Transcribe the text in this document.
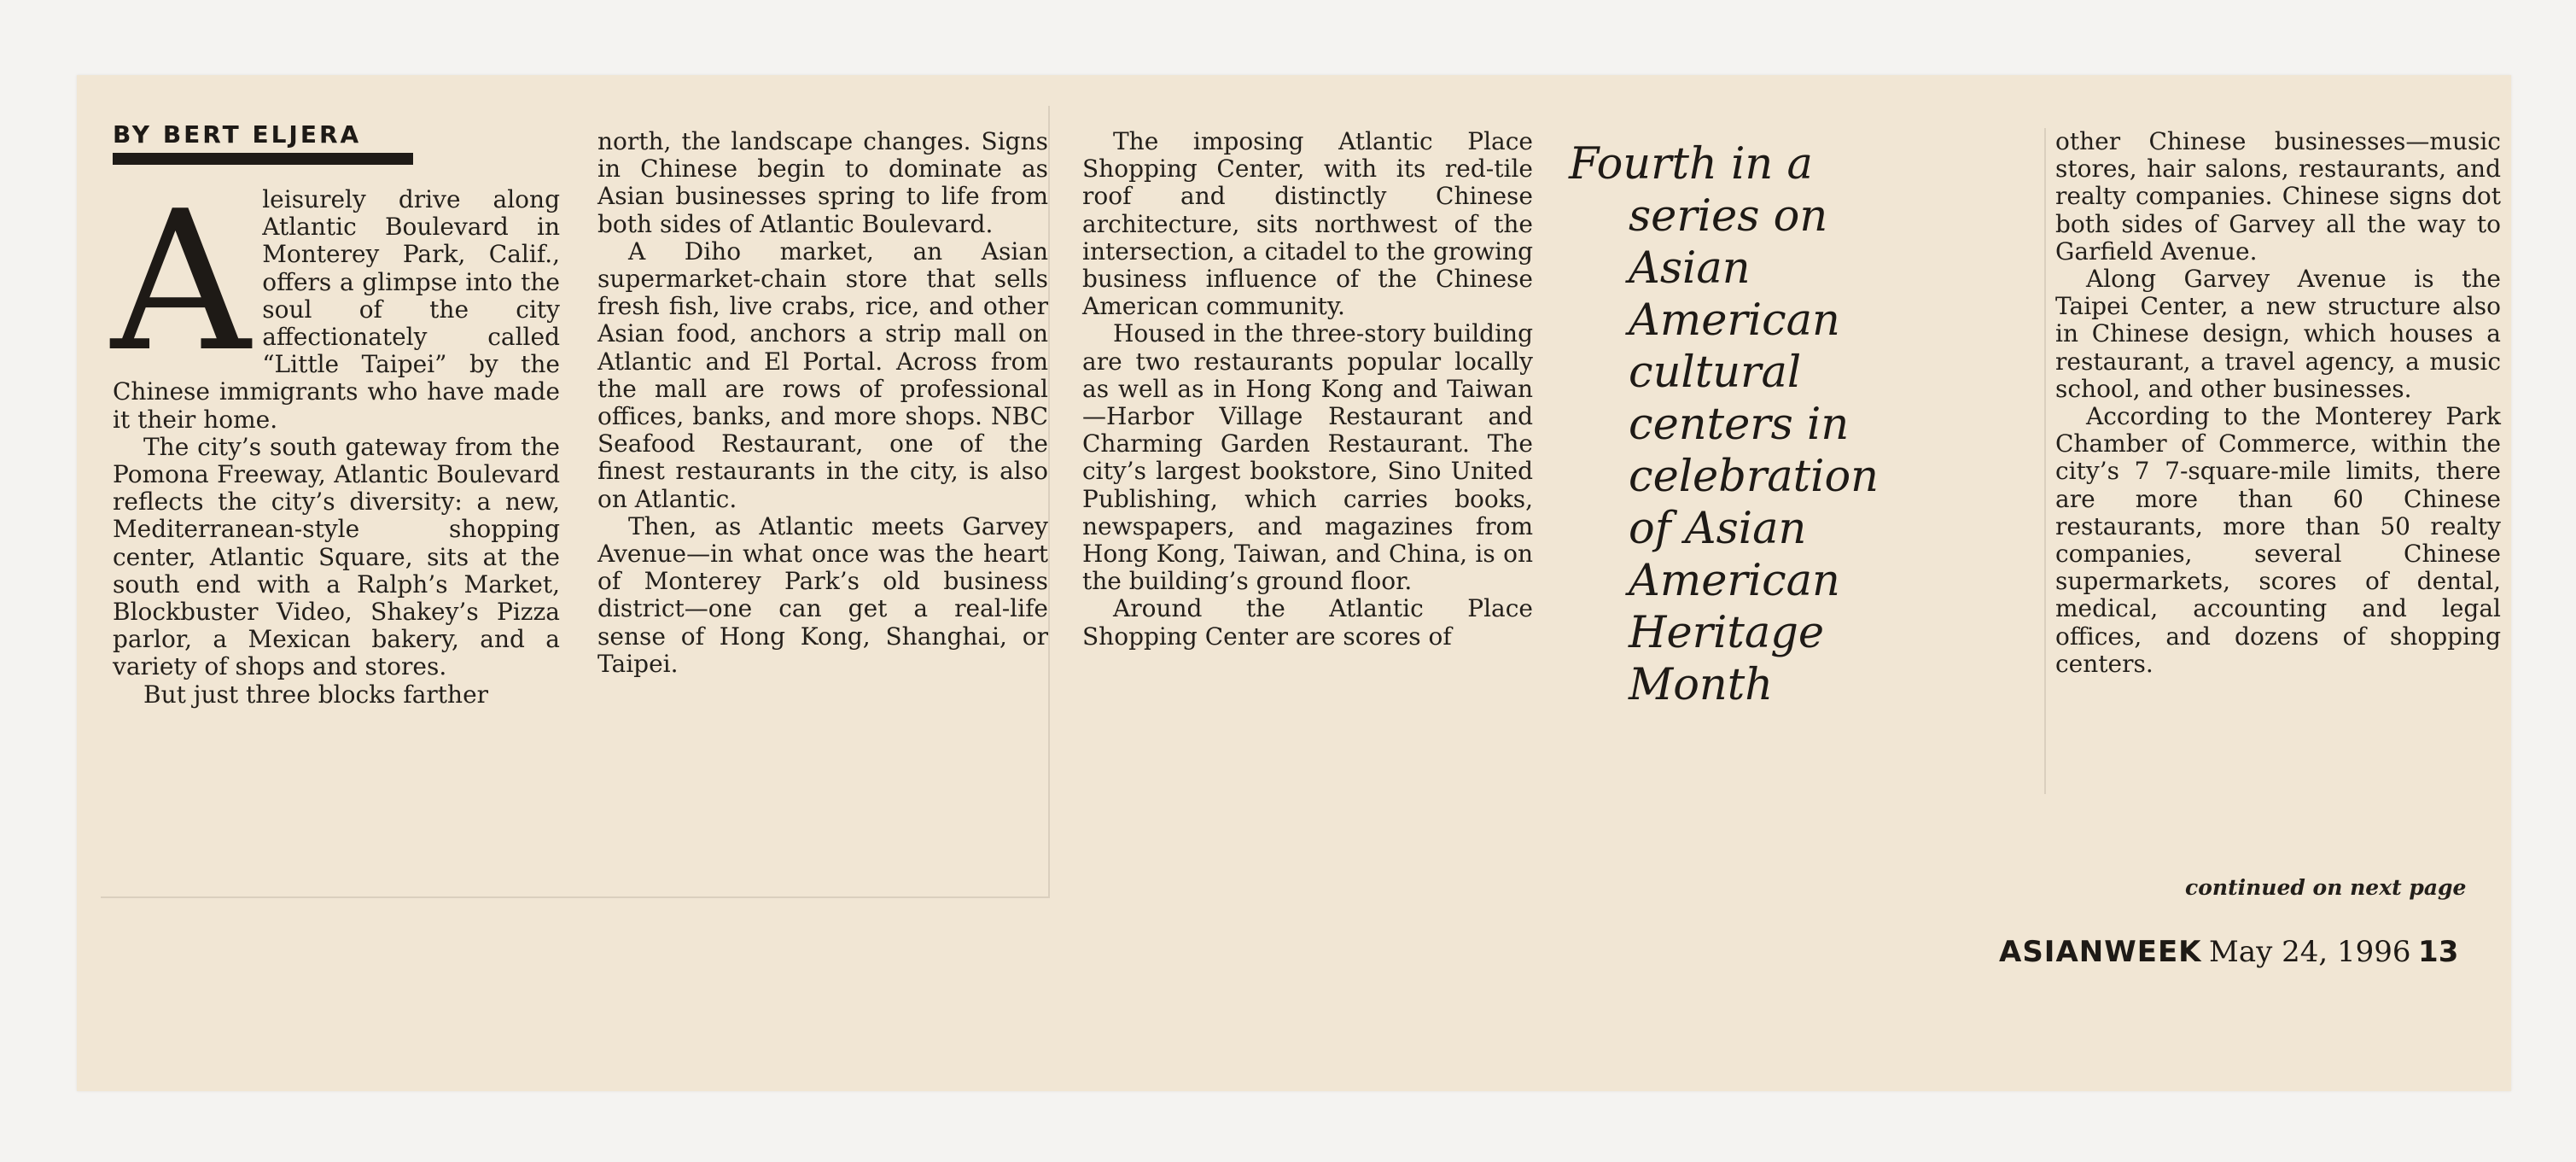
BY BERT ELJERA

Aleisurely drive along Atlantic Boulevard in Monterey Park, Calif., offers a glimpse into the soul of the city affectionately called “Little Taipei” by the Chinese immigrants who have made it their home.

The city’s south gateway from the Pomona Freeway, Atlantic Boulevard reflects the city’s diversity: a new, Mediterranean-style shopping center, Atlantic Square, sits at the south end with a Ralph’s Market, Blockbuster Video, Shakey’s Pizza parlor, a Mexican bakery, and a variety of shops and stores.

But just three blocks farther

north, the landscape changes. Signs in Chinese begin to dominate as Asian businesses spring to life from both sides of Atlantic Boulevard.

A Diho market, an Asian supermarket-chain store that sells fresh fish, live crabs, rice, and other Asian food, anchors a strip mall on Atlantic and El Portal. Across from the mall are rows of professional offices, banks, and more shops. NBC Seafood Restaurant, one of the finest restaurants in the city, is also on Atlantic.

Then, as Atlantic meets Garvey Avenue—in what once was the heart of Monterey Park’s old business district—one can get a real-life sense of Hong Kong, Shanghai, or Taipei.

The imposing Atlantic Place Shopping Center, with its red-tile roof and distinctly Chinese architecture, sits northwest of the intersection, a citadel to the growing business influence of the Chinese American community.

Housed in the three-story building are two restaurants popular locally as well as in Hong Kong and Taiwan—Harbor Village Restaurant and Charming Garden Restaurant. The city’s largest bookstore, Sino United Publishing, which carries books, newspapers, and magazines from Hong Kong, Taiwan, and China, is on the building’s ground floor.

Around the Atlantic Place Shopping Center are scores of

Fourth in a
series on
Asian
American
cultural
centers in
celebration
of Asian
American
Heritage
Month

other Chinese businesses—music stores, hair salons, restaurants, and realty companies. Chinese signs dot both sides of Garvey all the way to Garfield Avenue.

Along Garvey Avenue is the Taipei Center, a new structure also in Chinese design, which houses a restaurant, a travel agency, a music school, and other businesses.

According to the Monterey Park Chamber of Commerce, within the city’s 7 7-square-mile limits, there are more than 60 Chinese restaurants, more than 50 realty companies, several Chinese supermarkets, scores of dental, medical, accounting and legal offices, and dozens of shopping centers.

continued on next page
ASIANWEEK May 24, 1996 13
